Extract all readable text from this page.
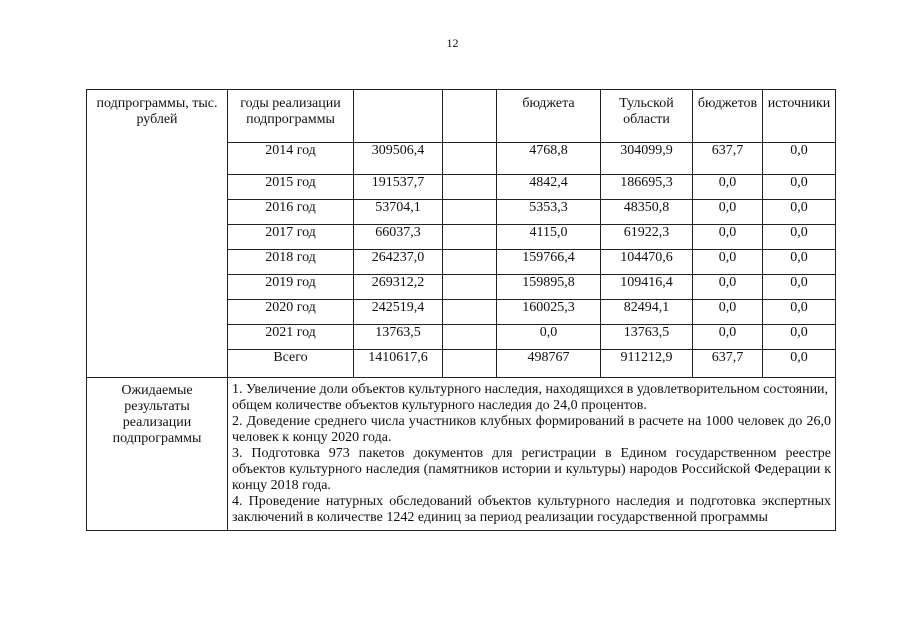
12
подпрограммы, тыс. рублей	годы реализации подпрограммы			бюджета	Тульской области	бюджетов	источники
	2014 год	309506,4		4768,8	304099,9	637,7	0,0
	2015 год	191537,7		4842,4	186695,3	0,0	0,0
	2016 год	53704,1		5353,3	48350,8	0,0	0,0
	2017 год	66037,3		4115,0	61922,3	0,0	0,0
	2018 год	264237,0		159766,4	104470,6	0,0	0,0
	2019 год	269312,2		159895,8	109416,4	0,0	0,0
	2020 год	242519,4		160025,3	82494,1	0,0	0,0
	2021 год	13763,5		0,0	13763,5	0,0	0,0
	Всего	1410617,6		498767	911212,9	637,7	0,0
Ожидаемые результаты реализации подпрограммы	1. Увеличение доли объектов культурного наследия, находящихся в удовлетворительном состоянии,

общем количестве объектов культурного наследия до 24,0 процентов.

2. Доведение среднего числа участников клубных формирований в расчете на 1000 человек до 26,0 человек к концу 2020 года.

3. Подготовка 973 пакетов документов для регистрации в Едином государственном реестре объектов культурного наследия (памятников истории и культуры) народов Российской Федерации к концу 2018 года.

4. Проведение натурных обследований объектов культурного наследия и подготовка экспертных заключений в количестве 1242 единиц за период реализации государственной программы						
